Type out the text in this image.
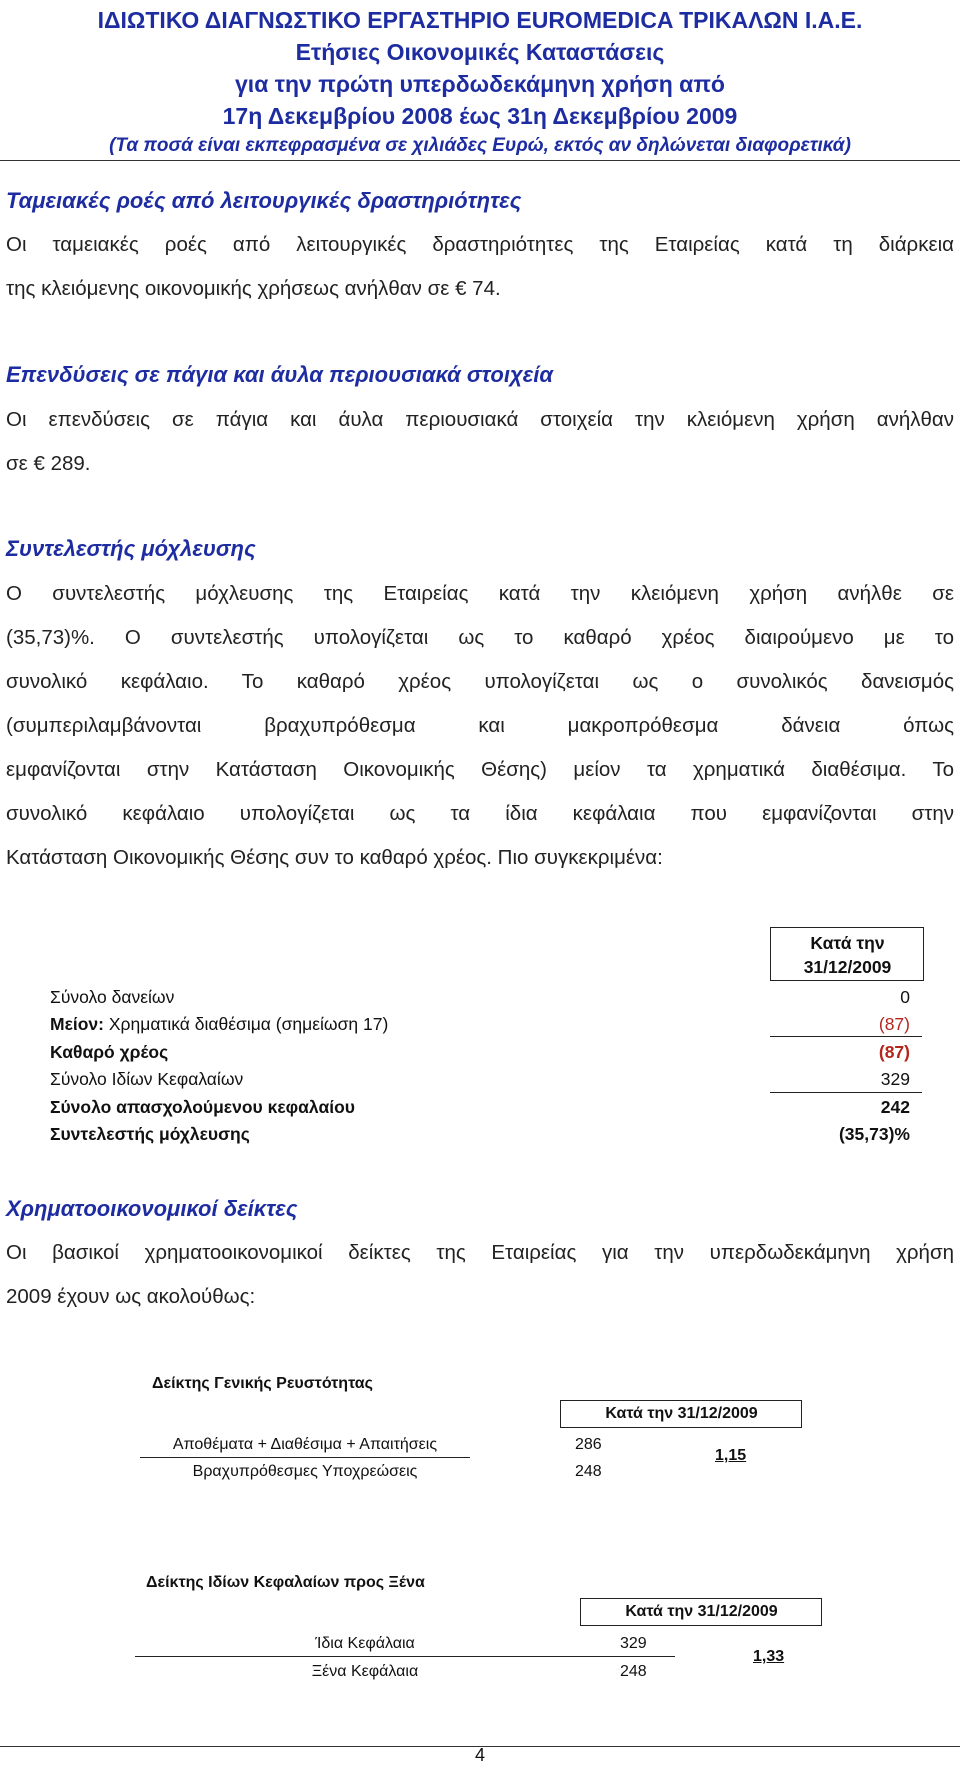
ΙΔΙΩΤΙΚΟ ΔΙΑΓΝΩΣΤΙΚΟ ΕΡΓΑΣΤΗΡΙΟ EUROMEDICA ΤΡΙΚΑΛΩΝ Ι.Α.Ε.
Ετήσιες Οικονομικές Καταστάσεις
για την πρώτη υπερδωδεκάμηνη χρήση από
17η Δεκεμβρίου 2008 έως 31η Δεκεμβρίου 2009
(Τα ποσά είναι εκπεφρασμένα σε χιλιάδες Ευρώ, εκτός αν δηλώνεται διαφορετικά)
Ταμειακές ροές από λειτουργικές δραστηριότητες
Οι ταμειακές ροές από λειτουργικές δραστηριότητες της Εταιρείας κατά τη διάρκεια
της κλειόμενης οικονομικής χρήσεως ανήλθαν σε € 74.
Επενδύσεις σε πάγια και άυλα περιουσιακά στοιχεία
Οι επενδύσεις σε πάγια και άυλα περιουσιακά στοιχεία την κλειόμενη χρήση ανήλθαν
σε € 289.
Συντελεστής μόχλευσης
Ο συντελεστής μόχλευσης της Εταιρείας κατά την κλειόμενη χρήση ανήλθε σε
(35,73)%. Ο συντελεστής υπολογίζεται ως το καθαρό χρέος διαιρούμενο με το
συνολικό κεφάλαιο. Το καθαρό χρέος υπολογίζεται ως ο συνολικός δανεισμός
(συμπεριλαμβάνονται βραχυπρόθεσμα και μακροπρόθεσμα δάνεια όπως
εμφανίζονται στην Κατάσταση Οικονομικής Θέσης) μείον τα χρηματικά διαθέσιμα. Το
συνολικό κεφάλαιο υπολογίζεται ως τα ίδια κεφάλαια που εμφανίζονται στην
Κατάσταση Οικονομικής Θέσης συν το καθαρό χρέος. Πιο συγκεκριμένα:
Κατά την
31/12/2009
Σύνολο δανείων	0
Μείον: Χρηματικά διαθέσιμα (σημείωση 17)	(87)
Καθαρό χρέος	(87)
Σύνολο Ιδίων Κεφαλαίων	329
Σύνολο απασχολούμενου κεφαλαίου	242
Συντελεστής μόχλευσης	(35,73)%
Χρηματοοικονομικοί δείκτες
Οι βασικοί χρηματοοικονομικοί δείκτες της Εταιρείας για την υπερδωδεκάμηνη χρήση
2009 έχουν ως ακολούθως:
Δείκτης Γενικής Ρευστότητας
Κατά την 31/12/2009
Αποθέματα + Διαθέσιμα + Απαιτήσεις	286
Βραχυπρόθεσμες Υποχρεώσεις	248
1,15
Δείκτης Ιδίων Κεφαλαίων προς Ξένα
Κατά την 31/12/2009
Ίδια Κεφάλαια	329
Ξένα Κεφάλαια	248
1,33
4
